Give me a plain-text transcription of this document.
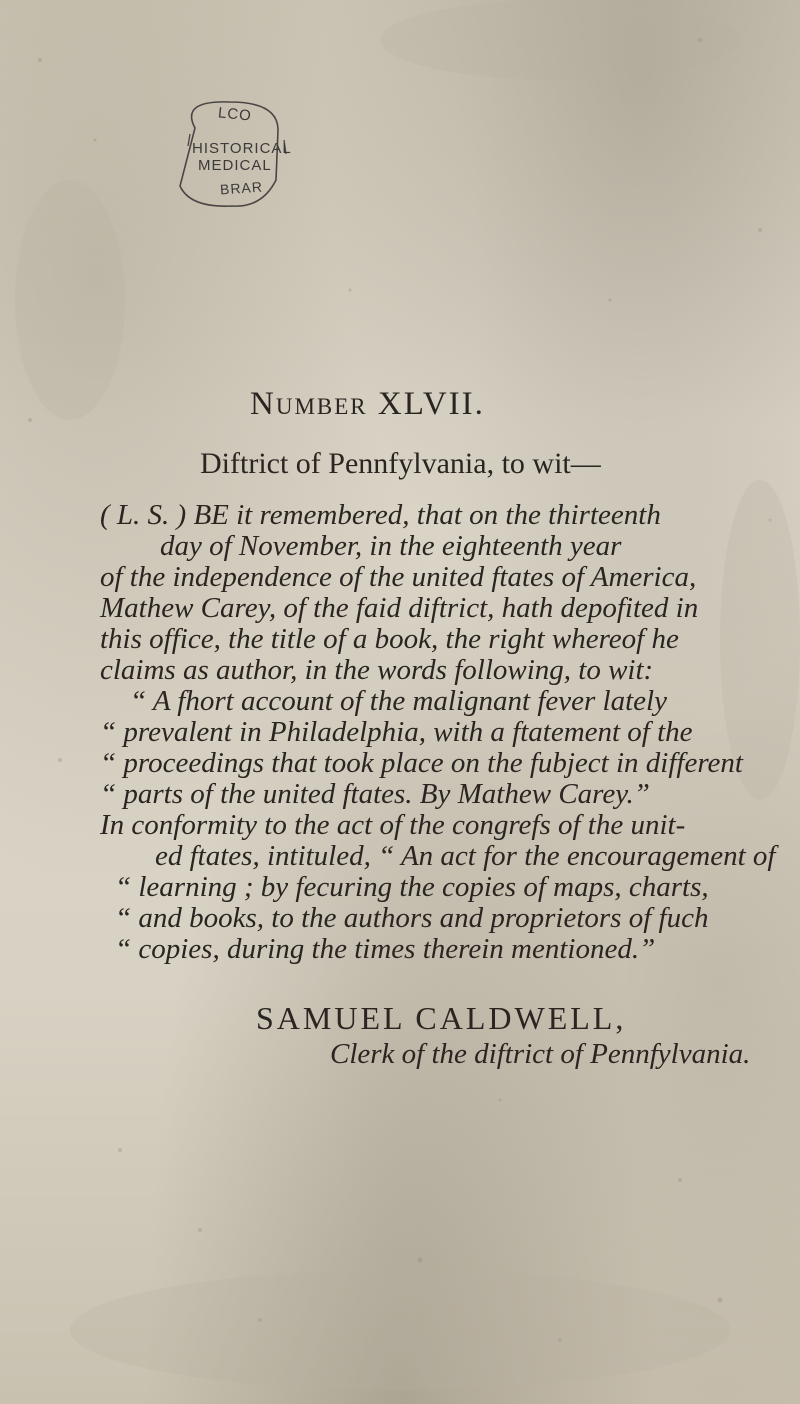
LCO
HISTORICAL
MEDICAL
BRAR
Number XLVII.
Diftrict of Pennfylvania, to wit—
( L. S. ) BE it remembered, that on the thirteenth
day of November, in the eighteenth year
of the independence of the united ftates of America,
Mathew Carey, of the faid diftrict, hath depofited in
this office, the title of a book, the right whereof he
claims as author, in the words following, to wit:
“ A fhort account of the malignant fever lately
“ prevalent in Philadelphia, with a ftatement of the
“ proceedings that took place on the fubject in different
“ parts of the united ftates. By Mathew Carey.”
In conformity to the act of the congrefs of the unit-
ed ftates, intituled, “ An act for the encouragement of
“ learning ; by fecuring the copies of maps, charts,
“ and books, to the authors and proprietors of fuch
“ copies, during the times therein mentioned.”
SAMUEL CALDWELL,
Clerk of the diftrict of Pennfylvania.
